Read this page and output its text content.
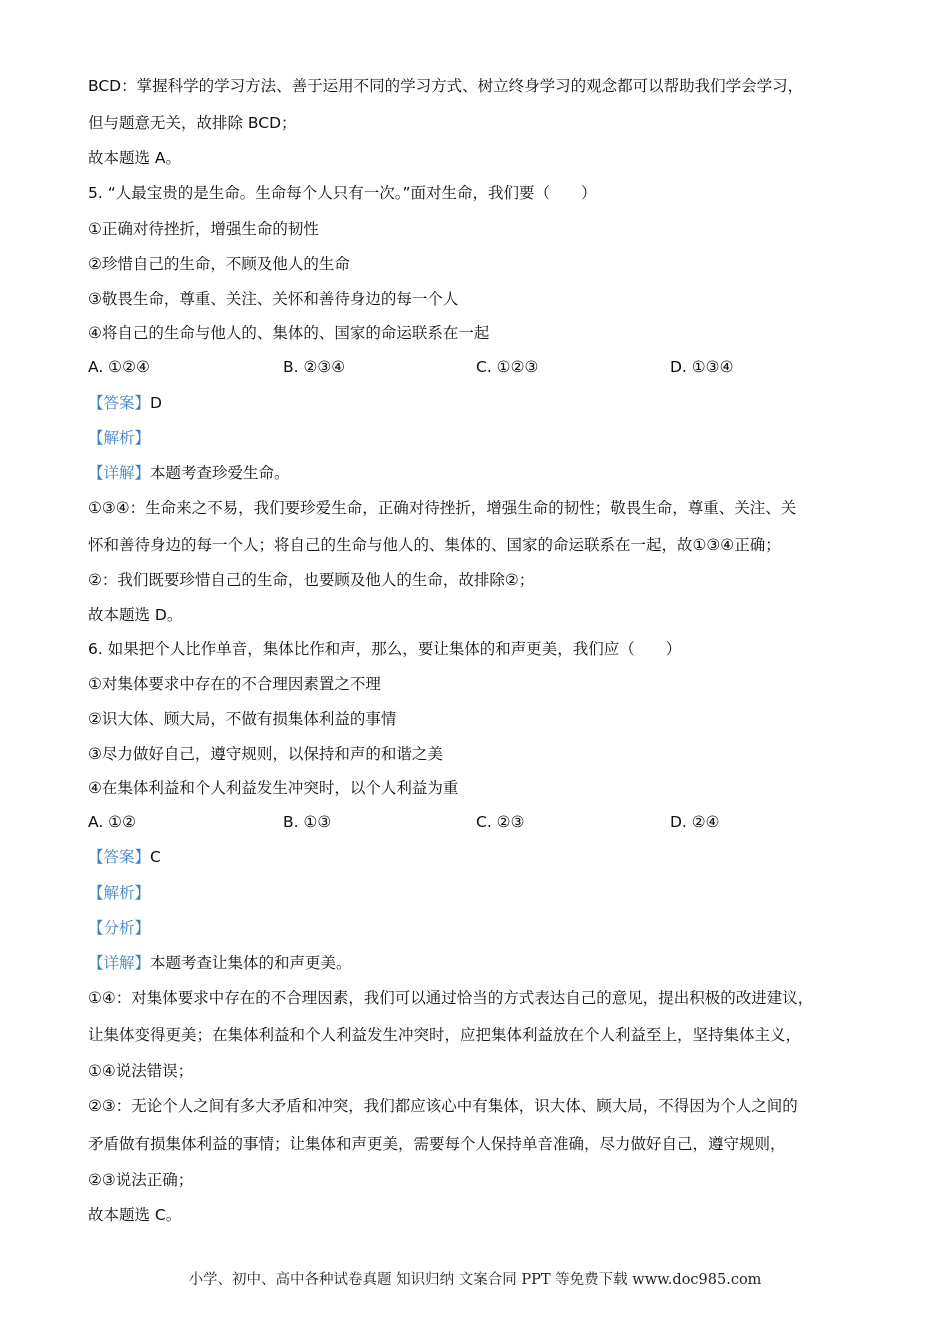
BCD：掌握科学的学习方法、善于运用不同的学习方式、树立终身学习的观念都可以帮助我们学会学习，
但与题意无关，故排除 BCD；
故本题选 A。
5. “人最宝贵的是生命。生命每个人只有一次。”面对生命，我们要（　　）
①正确对待挫折，增强生命的韧性
②珍惜自己的生命，不顾及他人的生命
③敬畏生命，尊重、关注、关怀和善待身边的每一个人
④将自己的生命与他人的、集体的、国家的命运联系在一起
A. ①②④	B. ②③④	C. ①②③	D. ①③④
【答案】D
【解析】
【详解】本题考查珍爱生命。
①③④：生命来之不易，我们要珍爱生命，正确对待挫折，增强生命的韧性；敬畏生命，尊重、关注、关
怀和善待身边的每一个人；将自己的生命与他人的、集体的、国家的命运联系在一起，故①③④正确；
②：我们既要珍惜自己的生命，也要顾及他人的生命，故排除②；
故本题选 D。
6. 如果把个人比作单音，集体比作和声，那么，要让集体的和声更美，我们应（　　）
①对集体要求中存在的不合理因素置之不理
②识大体、顾大局，不做有损集体利益的事情
③尽力做好自己，遵守规则，以保持和声的和谐之美
④在集体利益和个人利益发生冲突时，以个人利益为重
A. ①②	B. ①③	C. ②③	D. ②④
【答案】C
【解析】
【分析】
【详解】本题考查让集体的和声更美。
①④：对集体要求中存在的不合理因素，我们可以通过恰当的方式表达自己的意见，提出积极的改进建议，
让集体变得更美；在集体利益和个人利益发生冲突时，应把集体利益放在个人利益至上，坚持集体主义，
①④说法错误；
②③：无论个人之间有多大矛盾和冲突，我们都应该心中有集体，识大体、顾大局，不得因为个人之间的
矛盾做有损集体利益的事情；让集体和声更美，需要每个人保持单音准确，尽力做好自己，遵守规则，
②③说法正确；
故本题选 C。
小学、初中、高中各种试卷真题 知识归纳 文案合同 PPT 等免费下载 www.doc985.com
